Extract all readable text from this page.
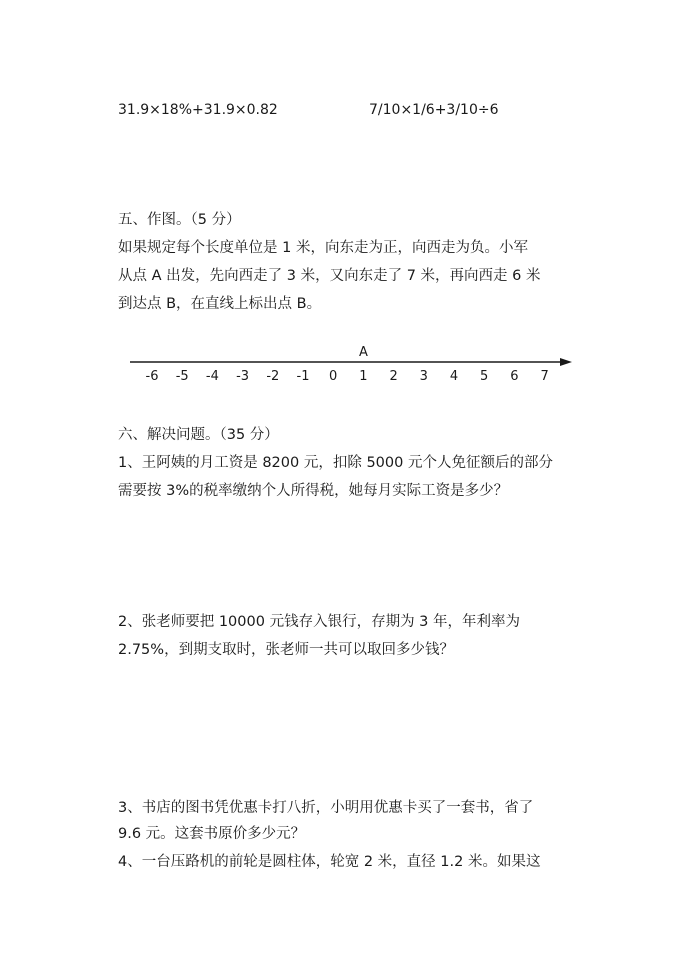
31.9×18%+31.9×0.82	7/10×1/6+3/10÷6
五、作图。（5 分）
如果规定每个长度单位是 1 米，向东走为正，向西走为负。小军
从点 A 出发，先向西走了 3 米，又向东走了 7 米，再向西走 6 米
到达点 B，在直线上标出点 B。
A
-6 -5 -4 -3 -2 -1 0 1 2 3 4 5 6 7
六、解决问题。（35 分）
1、王阿姨的月工资是 8200 元，扣除 5000 元个人免征额后的部分
需要按 3%的税率缴纳个人所得税，她每月实际工资是多少？
2、张老师要把 10000 元钱存入银行，存期为 3 年，年利率为
2.75%，到期支取时，张老师一共可以取回多少钱？
3、书店的图书凭优惠卡打八折，小明用优惠卡买了一套书，省了
9.6 元。这套书原价多少元？
4、一台压路机的前轮是圆柱体，轮宽 2 米，直径 1.2 米。如果这
